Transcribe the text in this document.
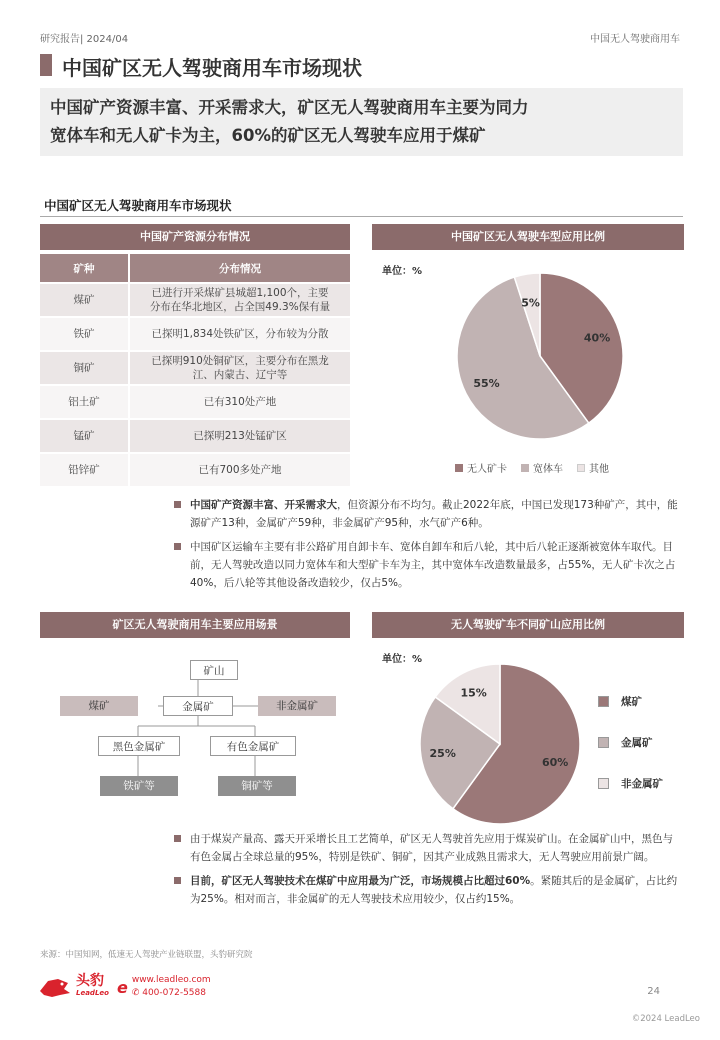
研究报告| 2024/04	中国无人驾驶商用车
中国矿区无人驾驶商用车市场现状
中国矿产资源丰富、开采需求大，矿区无人驾驶商用车主要为同力
宽体车和无人矿卡为主，60%的矿区无人驾驶车应用于煤矿
中国矿区无人驾驶商用车市场现状
中国矿产资源分布情况
矿种	分布情况
煤矿	已进行开采煤矿县城超1,100个，主要
分布在华北地区，占全国49.3%保有量

铁矿	已探明1,834处铁矿区，分布较为分散
铜矿	已探明910处铜矿区，主要分布在黑龙
江、内蒙古、辽宁等

铝土矿	已有310处产地
锰矿	已探明213处锰矿区
铅锌矿	已有700多处产地
中国矿区无人驾驶车型应用比例
单位：%
40%
55%
5%
无人矿卡	宽体车	其他
中国矿产资源丰富、开采需求大，但资源分布不均匀。截止2022年底，中国已发现173种矿产，其中，能源矿产13种，金属矿产59种，非金属矿产95种，水气矿产6种。
中国矿区运输车主要有非公路矿用自卸卡车、宽体自卸车和后八轮，其中后八轮正逐渐被宽体车取代。目前，无人驾驶改造以同力宽体车和大型矿卡车为主，其中宽体车改造数量最多，占55%，无人矿卡次之占40%，后八轮等其他设备改造较少，仅占5%。
矿区无人驾驶商用车主要应用场景
矿山
煤矿	金属矿	非金属矿
黑色金属矿	有色金属矿
铁矿等	铜矿等
无人驾驶矿车不同矿山应用比例
单位：%
60%
25%
15%
煤矿
金属矿
非金属矿
由于煤炭产量高、露天开采增长且工艺简单，矿区无人驾驶首先应用于煤炭矿山。在金属矿山中，黑色与有色金属占全球总量的95%，特别是铁矿、铜矿，因其产业成熟且需求大，无人驾驶应用前景广阔。
目前，矿区无人驾驶技术在煤矿中应用最为广泛，市场规模占比超过60%。紧随其后的是金属矿，占比约为25%。相对而言，非金属矿的无人驾驶技术应用较少，仅占约15%。
来源：中国知网，低速无人驾驶产业链联盟，头豹研究院
头豹
LeadLeo e www.leadleo.com
✆ 400-072-5588	24
©2024 LeadLeo
